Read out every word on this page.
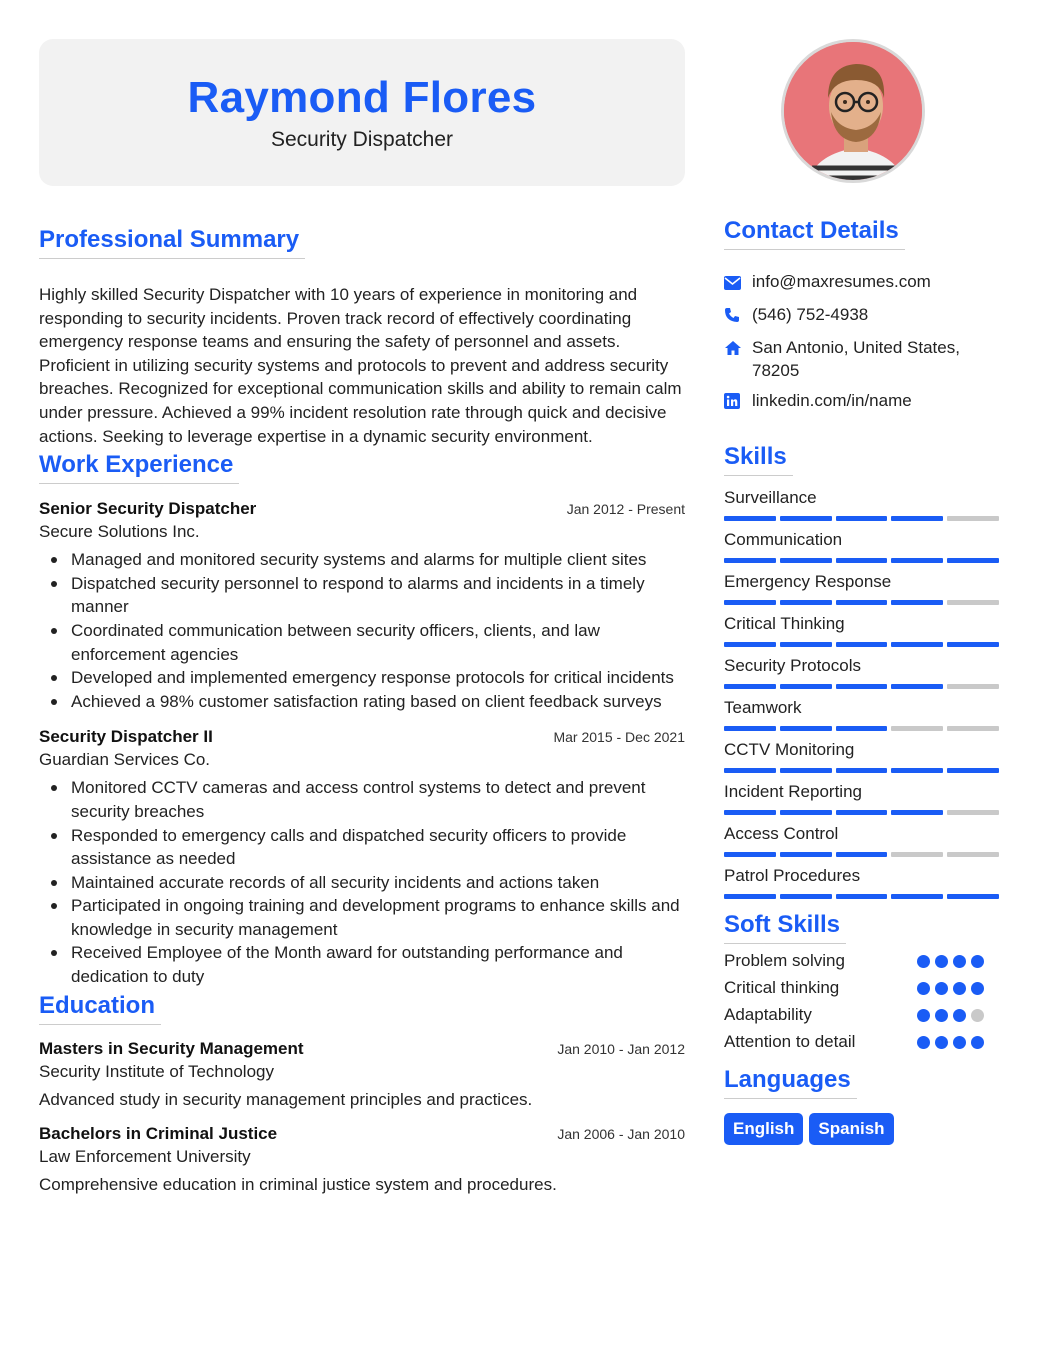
Raymond Flores
Security Dispatcher
Professional Summary

Highly skilled Security Dispatcher with 10 years of experience in monitoring and responding to security incidents. Proven track record of effectively coordinating emergency response teams and ensuring the safety of personnel and assets. Proficient in utilizing security systems and protocols to prevent and address security breaches. Recognized for exceptional communication skills and ability to remain calm under pressure. Achieved a 99% incident resolution rate through quick and decisive actions. Seeking to leverage expertise in a dynamic security environment.

Work Experience
Senior Security Dispatcher	Jan 2012 - Present
Secure Solutions Inc.
Managed and monitored security systems and alarms for multiple client sites
Dispatched security personnel to respond to alarms and incidents in a timely manner
Coordinated communication between security officers, clients, and law enforcement agencies
Developed and implemented emergency response protocols for critical incidents
Achieved a 98% customer satisfaction rating based on client feedback surveys
Security Dispatcher II	Mar 2015 - Dec 2021
Guardian Services Co.
Monitored CCTV cameras and access control systems to detect and prevent security breaches
Responded to emergency calls and dispatched security officers to provide assistance as needed
Maintained accurate records of all security incidents and actions taken
Participated in ongoing training and development programs to enhance skills and knowledge in security management
Received Employee of the Month award for outstanding performance and dedication to duty
Education
Masters in Security Management	Jan 2010 - Jan 2012
Security Institute of Technology
Advanced study in security management principles and practices.
Bachelors in Criminal Justice	Jan 2006 - Jan 2010
Law Enforcement University
Comprehensive education in criminal justice system and procedures.
Contact Details
info@maxresumes.com
(546) 752-4938
San Antonio, United States, 78205
linkedin.com/in/name
Skills
Surveillance
Communication
Emergency Response
Critical Thinking
Security Protocols
Teamwork
CCTV Monitoring
Incident Reporting
Access Control
Patrol Procedures
Soft Skills
Problem solving
Critical thinking
Adaptability
Attention to detail
Languages
English	Spanish
